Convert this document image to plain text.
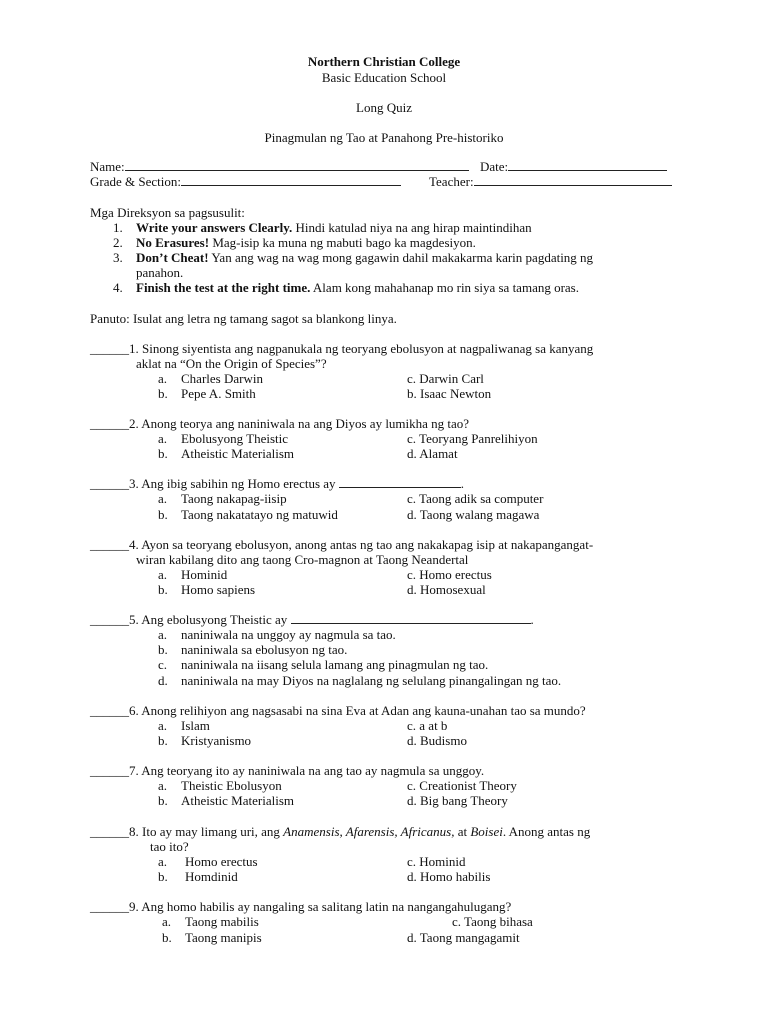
Northern Christian College
Basic Education School
Long Quiz
Pinagmulan ng Tao at Panahong Pre-historiko
Name:	Date:
Grade & Section:	Teacher:
Mga Direksyon sa pagsusulit:
1. Write your answers Clearly. Hindi katulad niya na ang hirap maintindihan
2. No Erasures! Mag-isip ka muna ng mabuti bago ka magdesiyon.
3. Don’t Cheat! Yan ang wag na wag mong gagawin dahil makakarma karin pagdating ng
panahon.
4. Finish the test at the right time. Alam kong mahahanap mo rin siya sa tamang oras.
Panuto: Isulat ang letra ng tamang sagot sa blankong linya.
______1. Sinong siyentista ang nagpanukala ng teoryang ebolusyon at nagpaliwanag sa kanyang
aklat na “On the Origin of Species”?
a. Charles Darwin	c. Darwin Carl
b. Pepe A. Smith	b. Isaac Newton
______2. Anong teorya ang naniniwala na ang Diyos ay lumikha ng tao?
a. Ebolusyong Theistic	c. Teoryang Panrelihiyon
b. Atheistic Materialism	d. Alamat
______3. Ang ibig sabihin ng Homo erectus ay	.
a. Taong nakapag-iisip	c. Taong adik sa computer
b. Taong nakatatayo ng matuwid	d. Taong walang magawa
______4. Ayon sa teoryang ebolusyon, anong antas ng tao ang nakakapag isip at nakapangangat-
wiran kabilang dito ang taong Cro-magnon at Taong Neandertal
a. Hominid	c. Homo erectus
b. Homo sapiens	d. Homosexual
______5. Ang ebolusyong Theistic ay	.
a. naniniwala na unggoy ay nagmula sa tao.
b. naniniwala sa ebolusyon ng tao.
c. naniniwala na iisang selula lamang ang pinagmulan ng tao.
d. naniniwala na may Diyos na naglalang ng selulang pinangalingan ng tao.
______6. Anong relihiyon ang nagsasabi na sina Eva at Adan ang kauna-unahan tao sa mundo?
a. Islam	c. a at b
b. Kristyanismo	d. Budismo
______7. Ang teoryang ito ay naniniwala na ang tao ay nagmula sa unggoy.
a. Theistic Ebolusyon	c. Creationist Theory
b. Atheistic Materialism	d. Big bang Theory
______8. Ito ay may limang uri, ang Anamensis, Afarensis, Africanus, at Boisei. Anong antas ng
tao ito?
a. Homo erectus	c. Hominid
b. Homdinid	d. Homo habilis
______9. Ang homo habilis ay nangaling sa salitang latin na nangangahulugang?
a. Taong mabilis	c. Taong bihasa
b. Taong manipis	d. Taong mangagamit
